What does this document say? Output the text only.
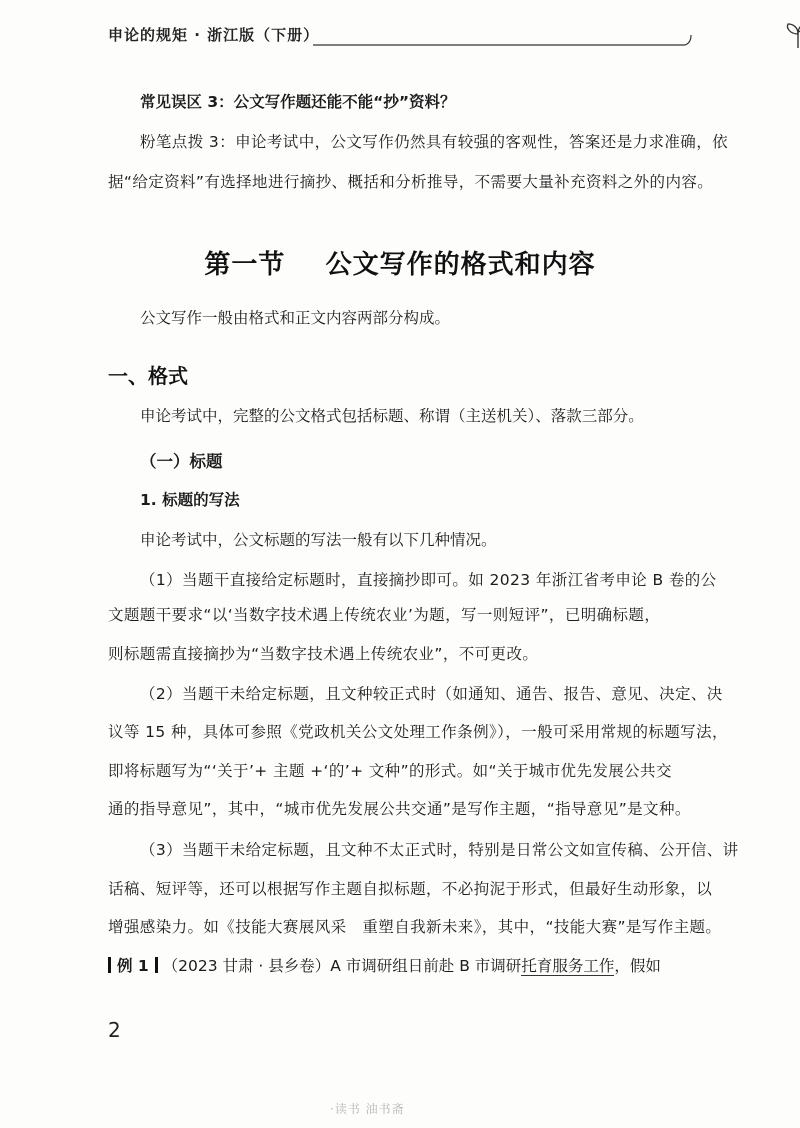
申论的规矩 · 浙江版（下册）
常见误区 3：公文写作题还能不能“抄”资料？
粉笔点拨 3：申论考试中，公文写作仍然具有较强的客观性，答案还是力求准确，依
据“给定资料”有选择地进行摘抄、概括和分析推导，不需要大量补充资料之外的内容。
第一节    公文写作的格式和内容
公文写作一般由格式和正文内容两部分构成。
一、格式
申论考试中，完整的公文格式包括标题、称谓（主送机关）、落款三部分。
（一）标题
1. 标题的写法
申论考试中，公文标题的写法一般有以下几种情况。
（1）当题干直接给定标题时，直接摘抄即可。如 2023 年浙江省考申论 B 卷的公
文题题干要求“以‘当数字技术遇上传统农业’为题，写一则短评”，已明确标题，
则标题需直接摘抄为“当数字技术遇上传统农业”，不可更改。
（2）当题干未给定标题，且文种较正式时（如通知、通告、报告、意见、决定、决
议等 15 种，具体可参照《党政机关公文处理工作条例》），一般可采用常规的标题写法，
即将标题写为“‘关于’+ 主题 +‘的’+ 文种”的形式。如“关于城市优先发展公共交
通的指导意见”，其中，“城市优先发展公共交通”是写作主题，“指导意见”是文种。
（3）当题干未给定标题，且文种不太正式时，特别是日常公文如宣传稿、公开信、讲
话稿、短评等，还可以根据写作主题自拟标题，不必拘泥于形式，但最好生动形象，以
增强感染力。如《技能大赛展风采　重塑自我新未来》，其中，“技能大赛”是写作主题。
例 1 （2023 甘肃 · 县乡卷）A 市调研组日前赴 B 市调研托育服务工作，假如
2
·读书 油书斋
